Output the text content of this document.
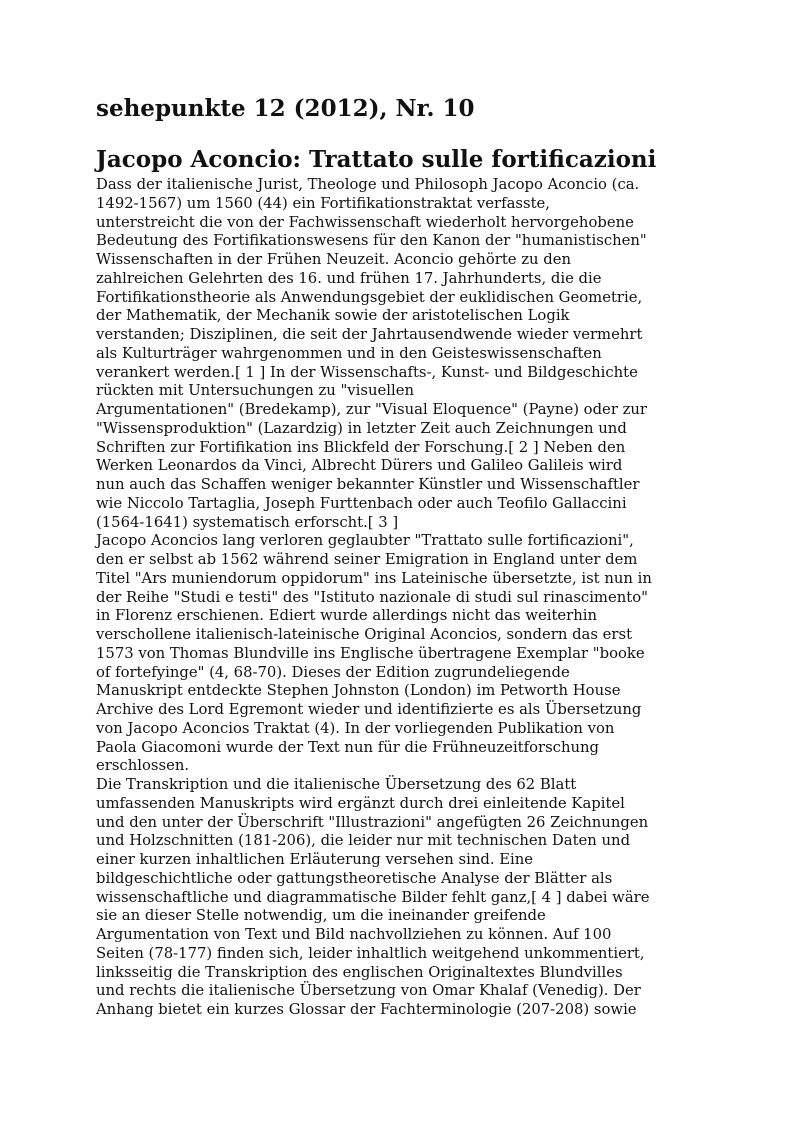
sehepunkte 12 (2012), Nr. 10
Jacopo Aconcio: Trattato sulle fortificazioni

Dass der italienische Jurist, Theologe und Philosoph Jacopo Aconcio (ca.
1492-1567) um 1560 (44) ein Fortifikationstraktat verfasste,
unterstreicht die von der Fachwissenschaft wiederholt hervorgehobene
Bedeutung des Fortifikationswesens für den Kanon der "humanistischen"
Wissenschaften in der Frühen Neuzeit. Aconcio gehörte zu den
zahlreichen Gelehrten des 16. und frühen 17. Jahrhunderts, die die
Fortifikationstheorie als Anwendungsgebiet der euklidischen Geometrie,
der Mathematik, der Mechanik sowie der aristotelischen Logik
verstanden; Disziplinen, die seit der Jahrtausendwende wieder vermehrt
als Kulturträger wahrgenommen und in den Geisteswissenschaften
verankert werden.[ 1 ] In der Wissenschafts-, Kunst- und Bildgeschichte
rückten mit Untersuchungen zu "visuellen
Argumentationen" (Bredekamp), zur "Visual Eloquence" (Payne) oder zur
"Wissensproduktion" (Lazardzig) in letzter Zeit auch Zeichnungen und
Schriften zur Fortifikation ins Blickfeld der Forschung.[ 2 ] Neben den
Werken Leonardos da Vinci, Albrecht Dürers und Galileo Galileis wird
nun auch das Schaffen weniger bekannter Künstler und Wissenschaftler
wie Niccolo Tartaglia, Joseph Furttenbach oder auch Teofilo Gallaccini
(1564-1641) systematisch erforscht.[ 3 ]

Jacopo Aconcios lang verloren geglaubter "Trattato sulle fortificazioni",
den er selbst ab 1562 während seiner Emigration in England unter dem
Titel "Ars muniendorum oppidorum" ins Lateinische übersetzte, ist nun in
der Reihe "Studi e testi" des "Istituto nazionale di studi sul rinascimento"
in Florenz erschienen. Ediert wurde allerdings nicht das weiterhin
verschollene italienisch-lateinische Original Aconcios, sondern das erst
1573 von Thomas Blundville ins Englische übertragene Exemplar "booke
of fortefyinge" (4, 68-70). Dieses der Edition zugrundeliegende
Manuskript entdeckte Stephen Johnston (London) im Petworth House
Archive des Lord Egremont wieder und identifizierte es als Übersetzung
von Jacopo Aconcios Traktat (4). In der vorliegenden Publikation von
Paola Giacomoni wurde der Text nun für die Frühneuzeitforschung
erschlossen.

Die Transkription und die italienische Übersetzung des 62 Blatt
umfassenden Manuskripts wird ergänzt durch drei einleitende Kapitel
und den unter der Überschrift "Illustrazioni" angefügten 26 Zeichnungen
und Holzschnitten (181-206), die leider nur mit technischen Daten und
einer kurzen inhaltlichen Erläuterung versehen sind. Eine
bildgeschichtliche oder gattungstheoretische Analyse der Blätter als
wissenschaftliche und diagrammatische Bilder fehlt ganz,[ 4 ] dabei wäre
sie an dieser Stelle notwendig, um die ineinander greifende
Argumentation von Text und Bild nachvollziehen zu können. Auf 100
Seiten (78-177) finden sich, leider inhaltlich weitgehend unkommentiert,
linksseitig die Transkription des englischen Originaltextes Blundvilles
und rechts die italienische Übersetzung von Omar Khalaf (Venedig). Der
Anhang bietet ein kurzes Glossar der Fachterminologie (207-208) sowie
